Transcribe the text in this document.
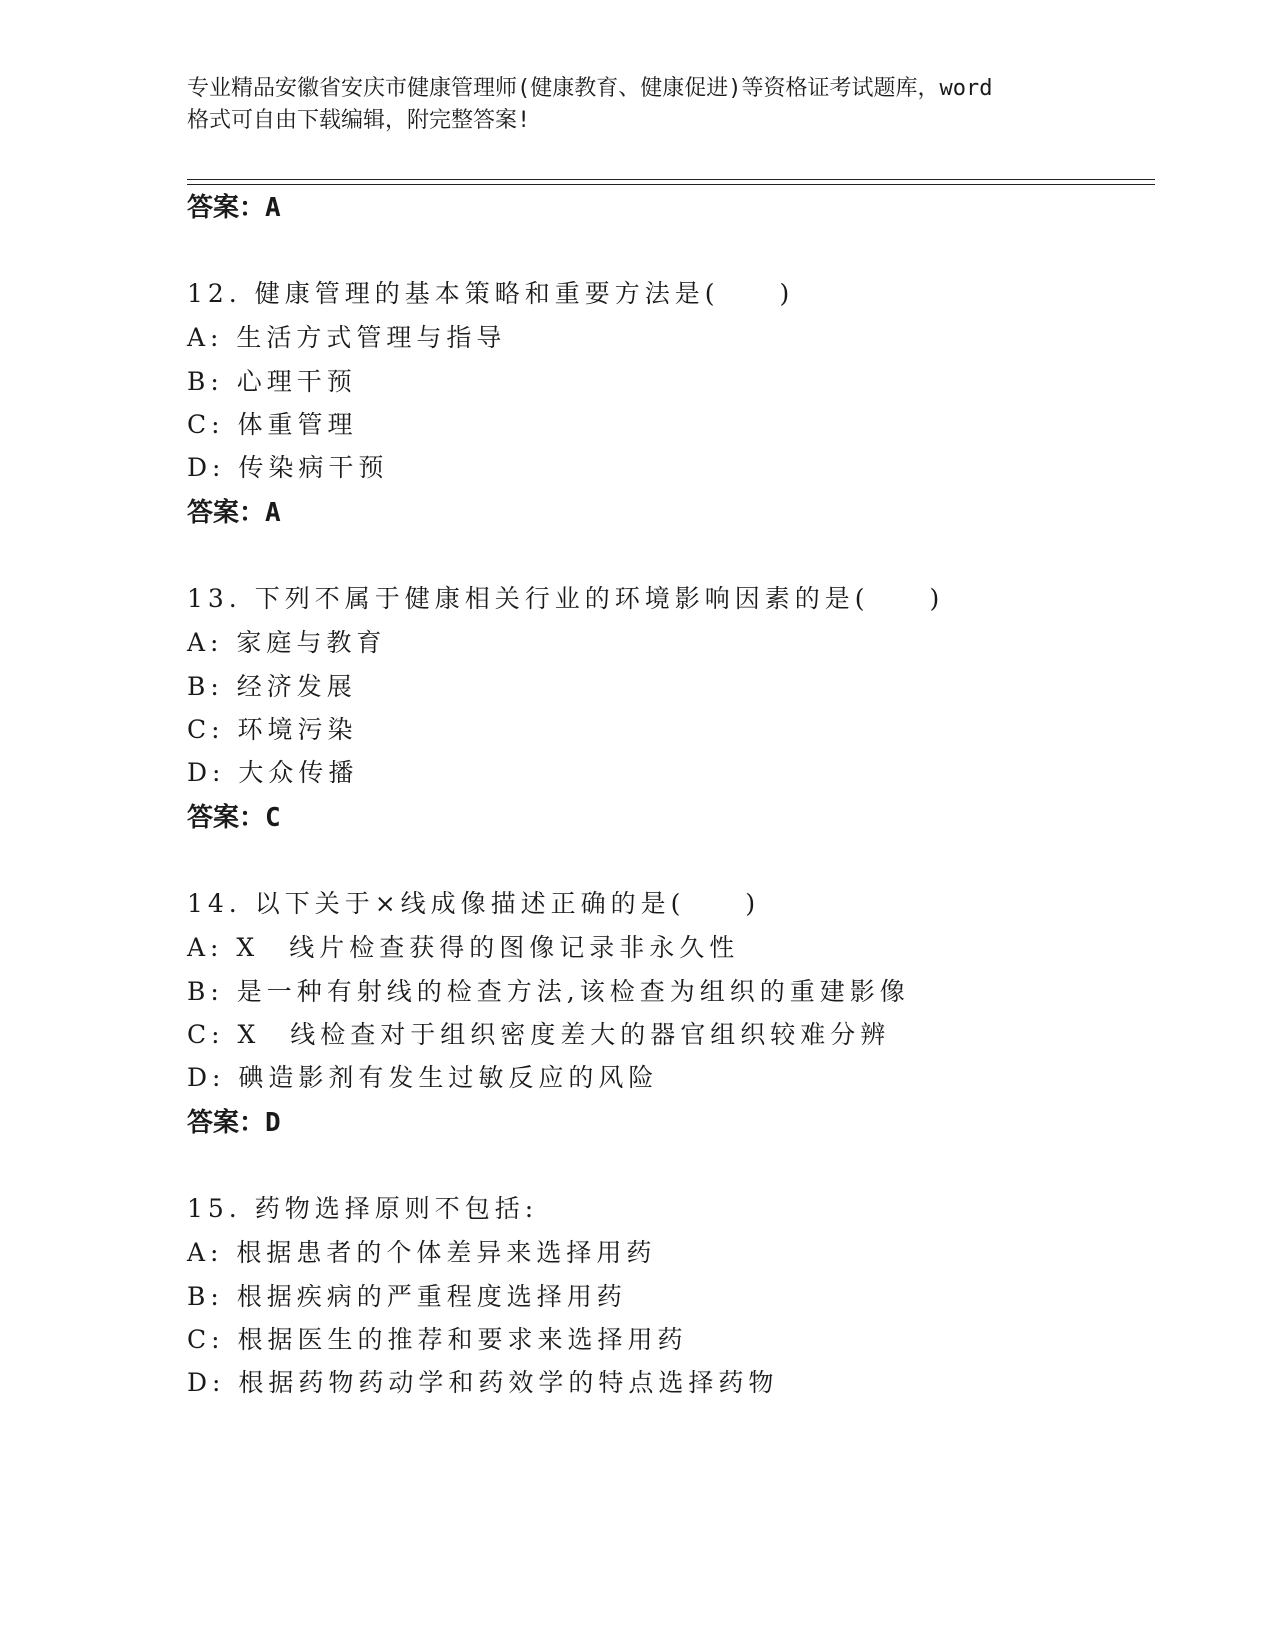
专业精品安徽省安庆市健康管理师(健康教育、健康促进)等资格证考试题库，word
格式可自由下载编辑，附完整答案!
答案：A
12. 健康管理的基本策略和重要方法是(　　)
A: 生活方式管理与指导
B: 心理干预
C: 体重管理
D: 传染病干预
答案：A
13. 下列不属于健康相关行业的环境影响因素的是(　　)
A: 家庭与教育
B: 经济发展
C: 环境污染
D: 大众传播
答案：C
14. 以下关于×线成像描述正确的是(　　)
A: X　线片检查获得的图像记录非永久性
B: 是一种有射线的检查方法,该检查为组织的重建影像
C: X　线检查对于组织密度差大的器官组织较难分辨
D: 碘造影剂有发生过敏反应的风险
答案：D
15. 药物选择原则不包括:
A: 根据患者的个体差异来选择用药
B: 根据疾病的严重程度选择用药
C: 根据医生的推荐和要求来选择用药
D: 根据药物药动学和药效学的特点选择药物
